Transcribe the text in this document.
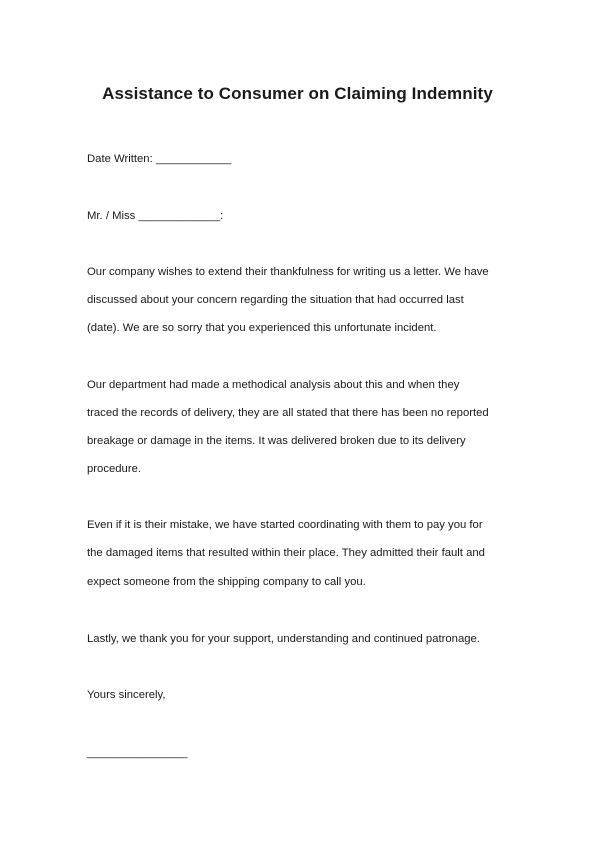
Assistance to Consumer on Claiming Indemnity
Date Written: ____________
Mr. / Miss _____________:
Our company wishes to extend their thankfulness for writing us a letter. We have
discussed about your concern regarding the situation that had occurred last
(date). We are so sorry that you experienced this unfortunate incident.
Our department had made a methodical analysis about this and when they
traced the records of delivery, they are all stated that there has been no reported
breakage or damage in the items. It was delivered broken due to its delivery
procedure.
Even if it is their mistake, we have started coordinating with them to pay you for
the damaged items that resulted within their place. They admitted their fault and
expect someone from the shipping company to call you.
Lastly, we thank you for your support, understanding and continued patronage.
Yours sincerely,
________________
